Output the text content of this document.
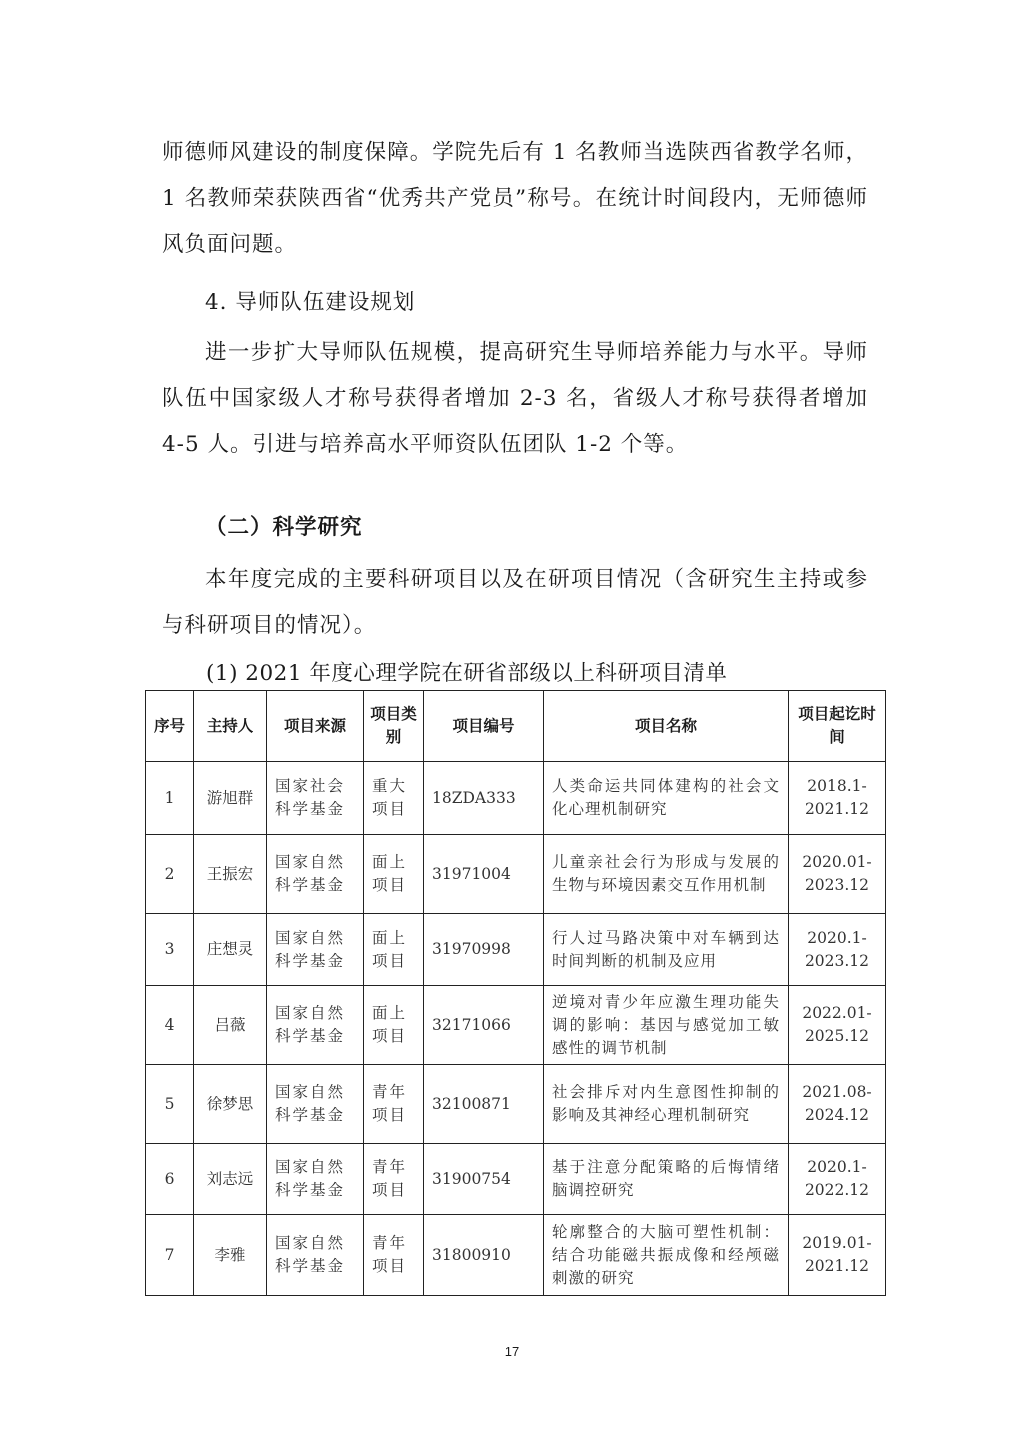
师德师风建设的制度保障。学院先后有 1 名教师当选陕西省教学名师，1 名教师荣获陕西省“优秀共产党员”称号。在统计时间段内，无师德师风负面问题。

4. 导师队伍建设规划

进一步扩大导师队伍规模，提高研究生导师培养能力与水平。导师队伍中国家级人才称号获得者增加 2-3 名，省级人才称号获得者增加 4-5 人。引进与培养高水平师资队伍团队 1-2 个等。

（二）科学研究

本年度完成的主要科研项目以及在研项目情况（含研究生主持或参与科研项目的情况）。

(1) 2021 年度心理学院在研省部级以上科研项目清单
序号	主持人	项目来源	项目类别	项目编号	项目名称	项目起讫时间
1	游旭群	国家社会科学基金	重大项目	18ZDA333	人类命运共同体建构的社会文化心理机制研究	2018.1-2021.12
2	王振宏	国家自然科学基金	面上项目	31971004	儿童亲社会行为形成与发展的生物与环境因素交互作用机制	2020.01-2023.12
3	庄想灵	国家自然科学基金	面上项目	31970998	行人过马路决策中对车辆到达时间判断的机制及应用	2020.1-2023.12
4	吕薇	国家自然科学基金	面上项目	32171066	逆境对青少年应激生理功能失调的影响：基因与感觉加工敏感性的调节机制	2022.01-2025.12
5	徐梦思	国家自然科学基金	青年项目	32100871	社会排斥对内生意图性抑制的影响及其神经心理机制研究	2021.08-2024.12
6	刘志远	国家自然科学基金	青年项目	31900754	基于注意分配策略的后悔情绪脑调控研究	2020.1-2022.12
7	李雅	国家自然科学基金	青年项目	31800910	轮廓整合的大脑可塑性机制：结合功能磁共振成像和经颅磁刺激的研究	2019.01-2021.12
17
